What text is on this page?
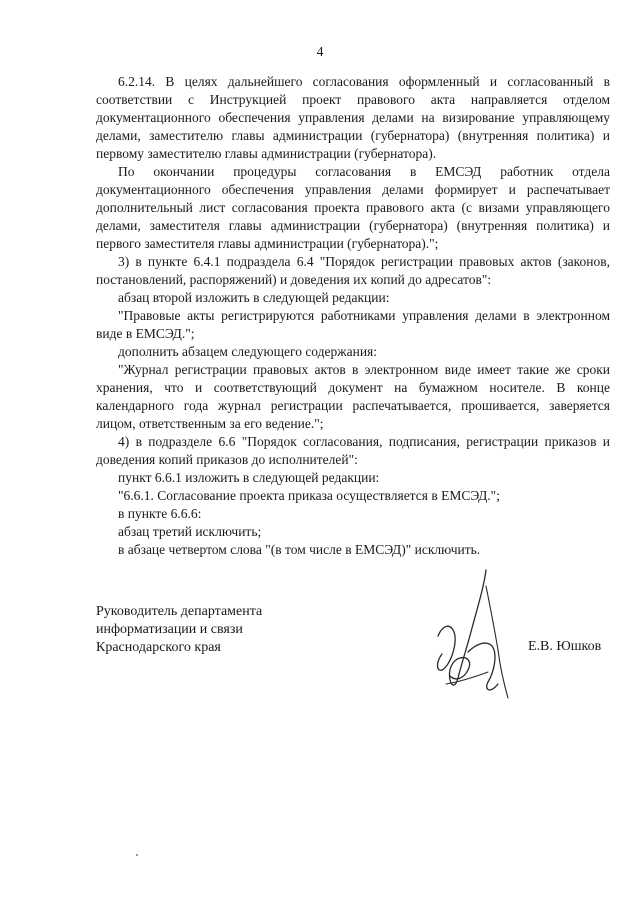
4

6.2.14. В целях дальнейшего согласования оформленный и согласованный в соответствии с Инструкцией проект правового акта направляется отделом документационного обеспечения управления делами на визирование управляющему делами, заместителю главы администрации (губернатора) (внутренняя политика) и первому заместителю главы администрации (губернатора).

По окончании процедуры согласования в ЕМСЭД работник отдела документационного обеспечения управления делами формирует и распечатывает дополнительный лист согласования проекта правового акта (с визами управляющего делами, заместителя главы администрации (губернатора) (внутренняя политика) и первого заместителя главы администрации (губернатора).";

3) в пункте 6.4.1 подраздела 6.4 "Порядок регистрации правовых актов (законов, постановлений, распоряжений) и доведения их копий до адресатов":

абзац второй изложить в следующей редакции:

"Правовые акты регистрируются работниками управления делами в электронном виде в ЕМСЭД.";

дополнить абзацем следующего содержания:

"Журнал регистрации правовых актов в электронном виде имеет такие же сроки хранения, что и соответствующий документ на бумажном носителе. В конце календарного года журнал регистрации распечатывается, прошивается, заверяется лицом, ответственным за его ведение.";

4) в подразделе 6.6 "Порядок согласования, подписания, регистрации приказов и доведения копий приказов до исполнителей":

пункт 6.6.1 изложить в следующей редакции:

"6.6.1. Согласование проекта приказа осуществляется в ЕМСЭД.";

в пункте 6.6.6:

абзац третий исключить;

в абзаце четвертом слова "(в том числе в ЕМСЭД)" исключить.

Руководитель департамента
информатизации и связи
Краснодарского края	Е.В. Юшков
